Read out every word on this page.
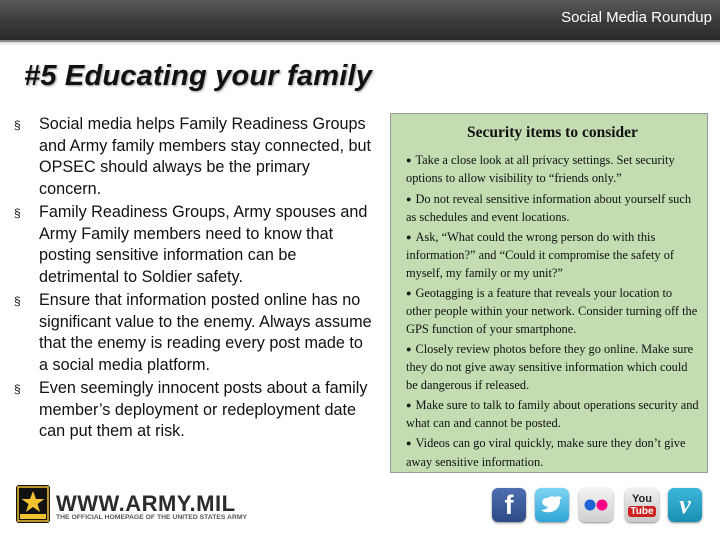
Social Media Roundup
#5 Educating your family
§ Social media helps Family Readiness Groups and Army family members stay connected, but OPSEC should always be the primary concern.
§ Family Readiness Groups, Army spouses and Army Family members need to know that posting sensitive information can be detrimental to Soldier safety.
§ Ensure that information posted online has no significant value to the enemy. Always assume that the enemy is reading every post made to a social media platform.
§ Even seemingly innocent posts about a family member’s deployment or redeployment date can put them at risk.
Security items to consider
● Take a close look at all privacy settings. Set security options to allow visibility to “friends only.”
● Do not reveal sensitive information about yourself such as schedules and event locations.
● Ask, “What could the wrong person do with this information?” and “Could it compromise the safety of myself, my family or my unit?”
● Geotagging is a feature that reveals your location to other people within your network. Consider turning off the GPS function of your smartphone.
● Closely review photos before they go online. Make sure they do not give away sensitive information which could be dangerous if released.
● Make sure to talk to family about operations security and what can and cannot be posted.
● Videos can go viral quickly, make sure they don’t give away sensitive information.
WWW.ARMY.MIL
THE OFFICIAL HOMEPAGE OF THE UNITED STATES ARMY	f	You
Tube v
